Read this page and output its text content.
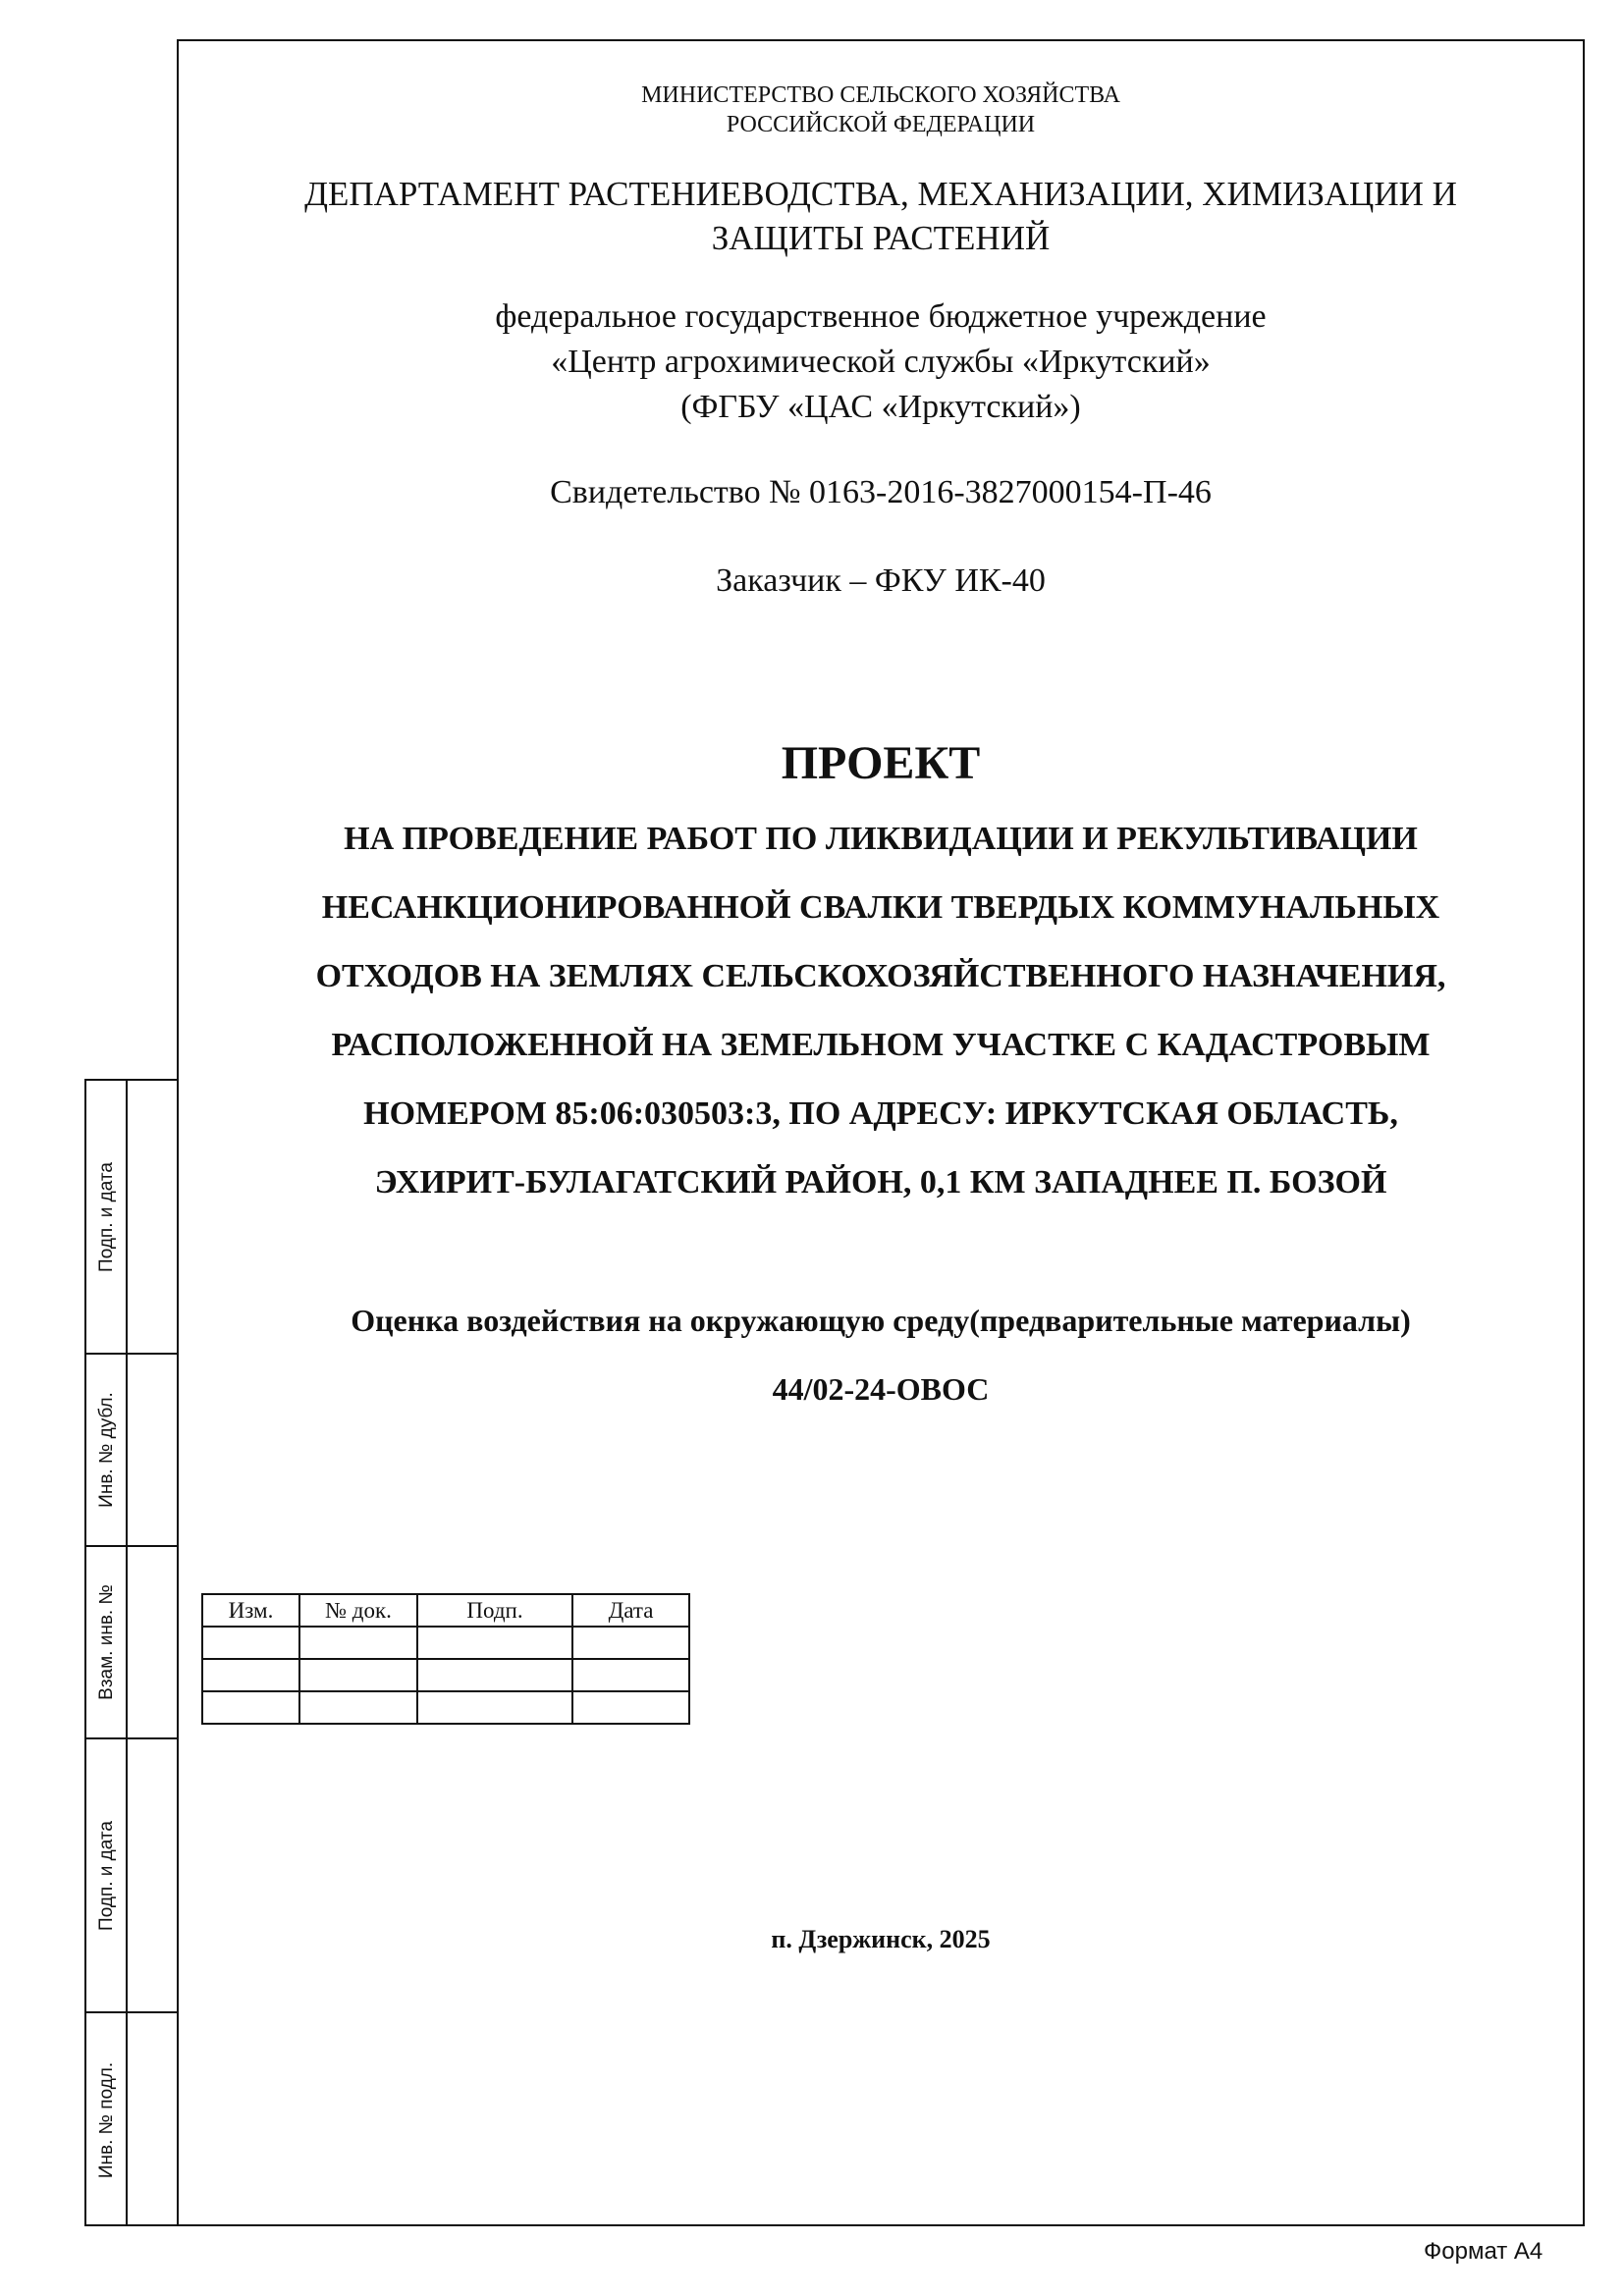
Подп. и дата
Инв. № дубл.
Взам. инв. №
Подп. и дата
Инв. № подл.
МИНИСТЕРСТВО СЕЛЬСКОГО ХОЗЯЙСТВА
РОССИЙСКОЙ ФЕДЕРАЦИИ
ДЕПАРТАМЕНТ РАСТЕНИЕВОДСТВА, МЕХАНИЗАЦИИ, ХИМИЗАЦИИ И
ЗАЩИТЫ РАСТЕНИЙ
федеральное государственное бюджетное учреждение
«Центр агрохимической службы «Иркутский»
(ФГБУ «ЦАС «Иркутский»)
Свидетельство № 0163-2016-3827000154-П-46
Заказчик – ФКУ ИК-40
ПРОЕКТ
НА ПРОВЕДЕНИЕ РАБОТ ПО ЛИКВИДАЦИИ И РЕКУЛЬТИВАЦИИ
НЕСАНКЦИОНИРОВАННОЙ СВАЛКИ ТВЕРДЫХ КОММУНАЛЬНЫХ
ОТХОДОВ НА ЗЕМЛЯХ СЕЛЬСКОХОЗЯЙСТВЕННОГО НАЗНАЧЕНИЯ,
РАСПОЛОЖЕННОЙ НА ЗЕМЕЛЬНОМ УЧАСТКЕ С КАДАСТРОВЫМ
НОМЕРОМ 85:06:030503:3, ПО АДРЕСУ: ИРКУТСКАЯ ОБЛАСТЬ,
ЭХИРИТ-БУЛАГАТСКИЙ РАЙОН, 0,1 КМ ЗАПАДНЕЕ П. БОЗОЙ
Оценка воздействия на окружающую среду(предварительные материалы)
44/02-24-ОВОС
Изм.	№ док.	Подп.	Дата

п. Дзержинск, 2025
Формат А4
